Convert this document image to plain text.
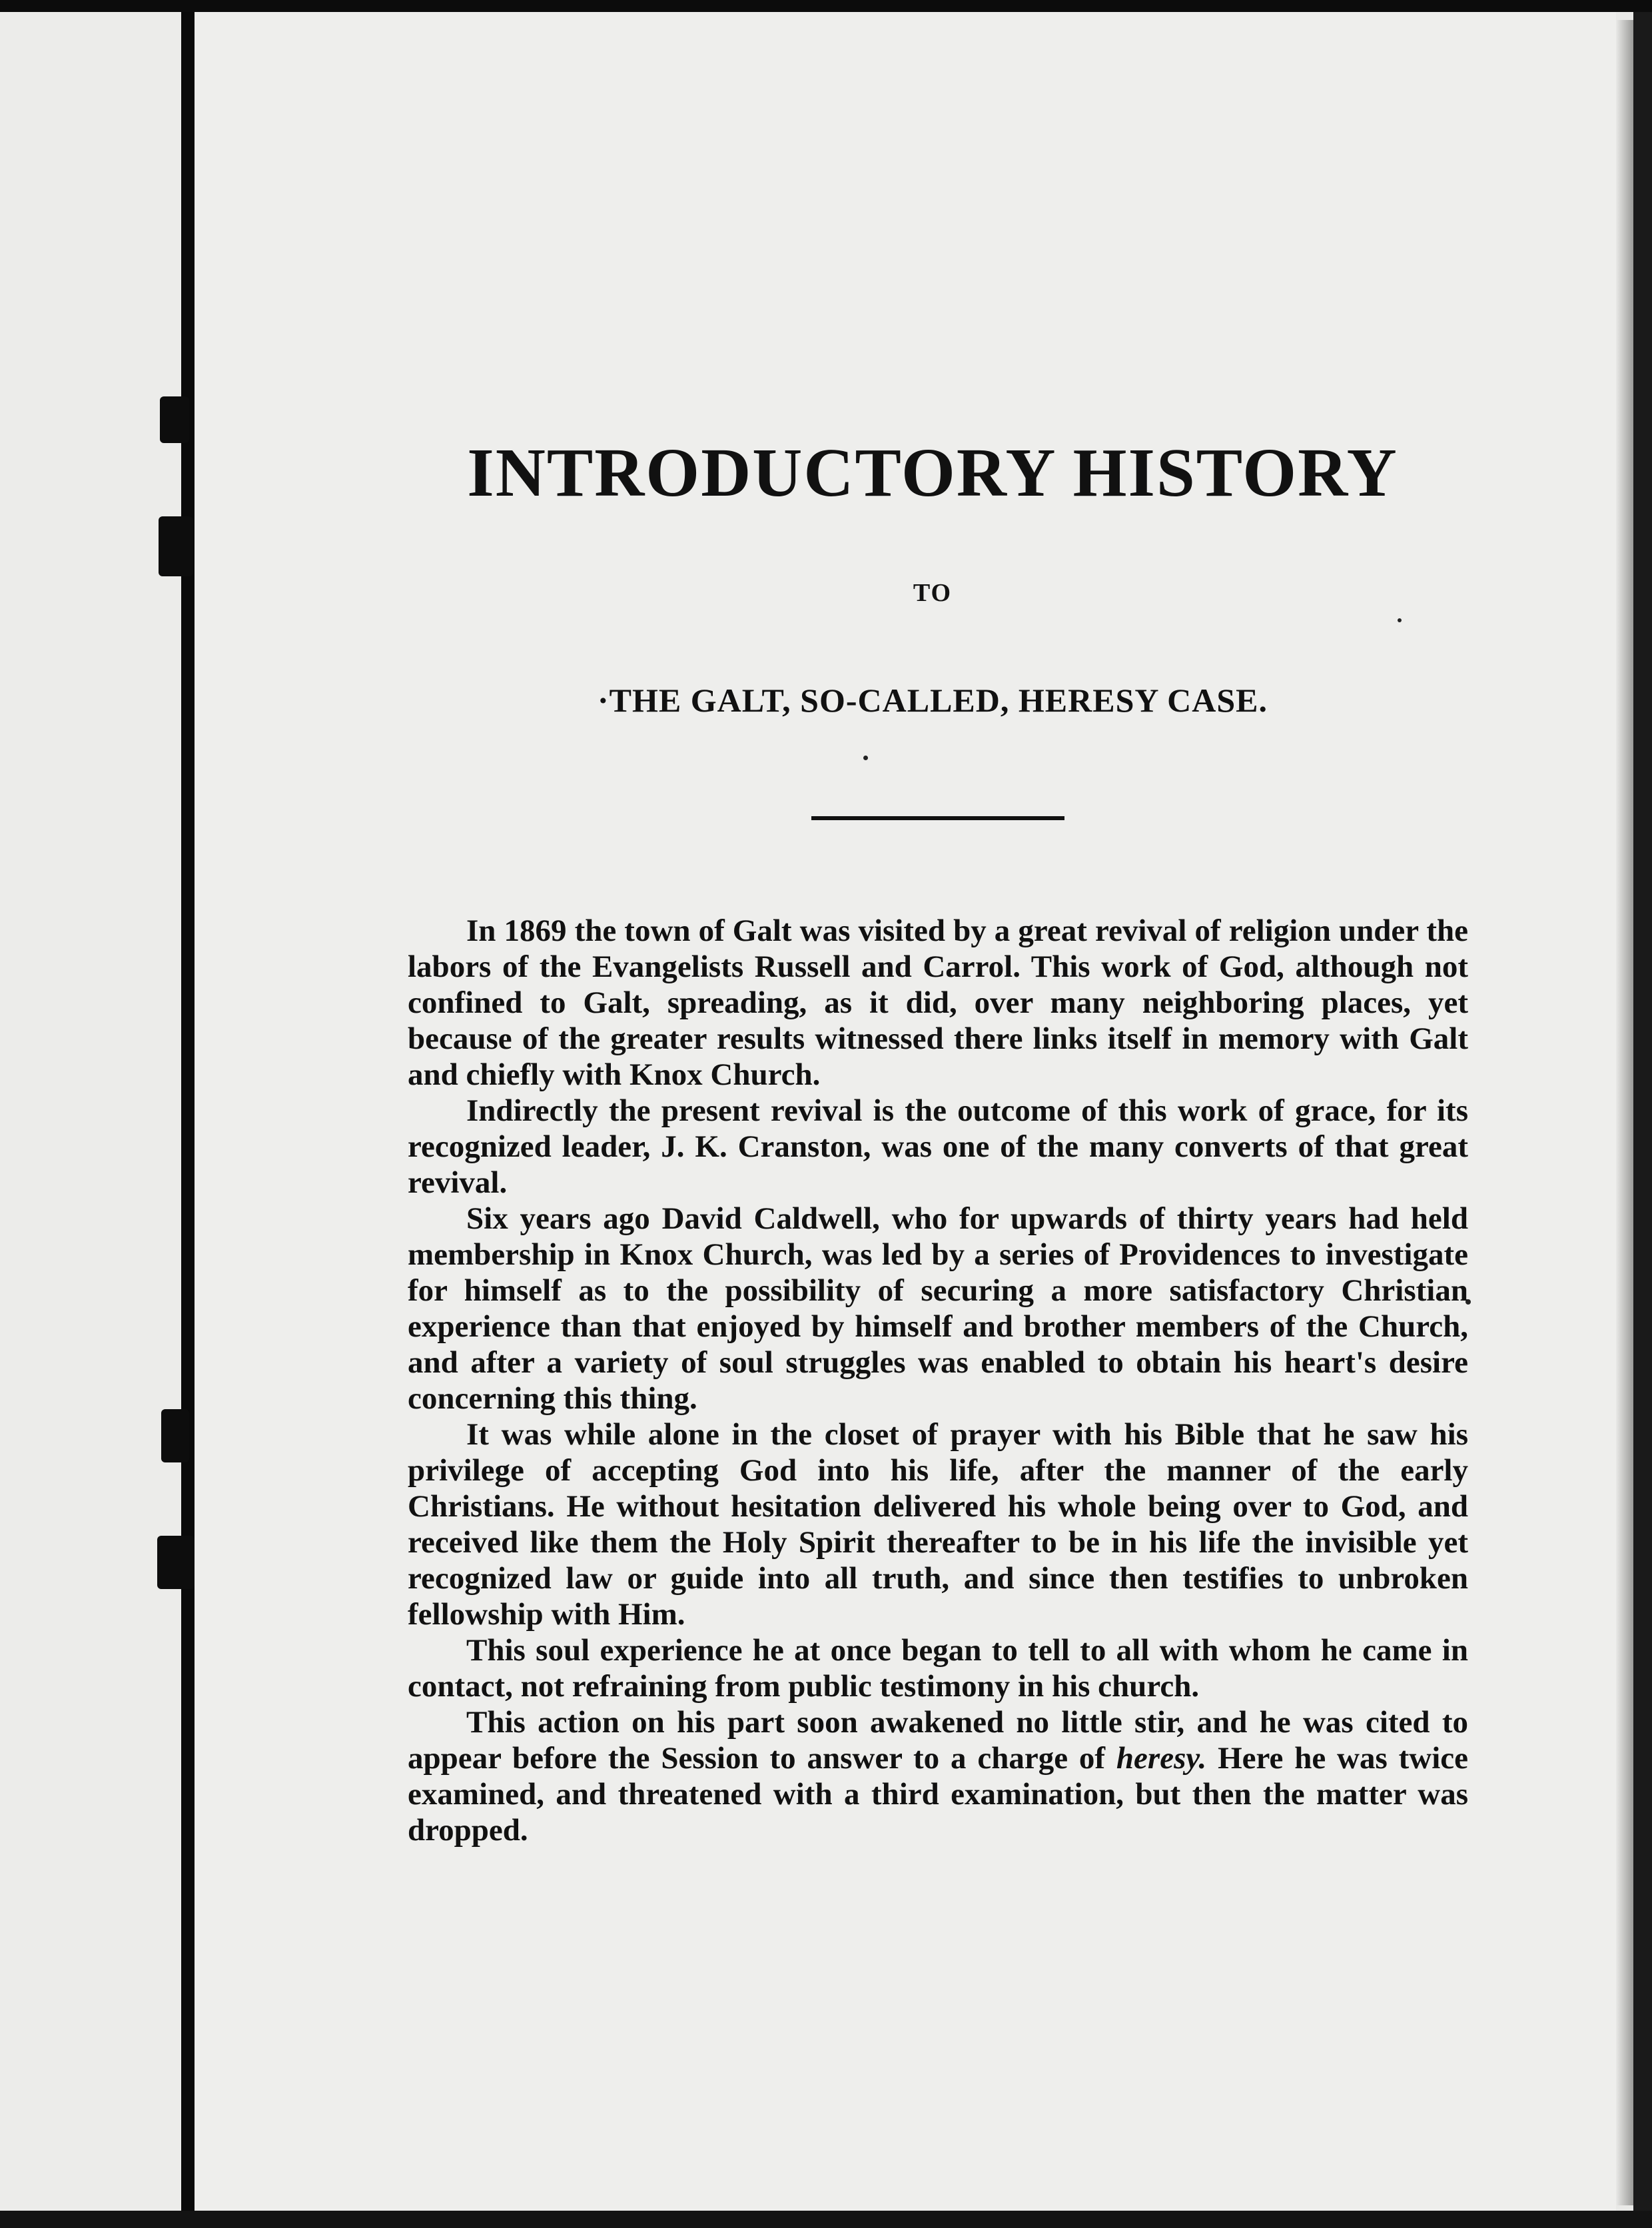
INTRODUCTORY HISTORY
TO
·THE GALT, SO-CALLED, HERESY CASE.

In 1869 the town of Galt was visited by a great revival of religion under the labors of the Evangelists Russell and Carrol. This work of God, although not confined to Galt, spreading, as it did, over many neighboring places, yet because of the greater results witnessed there links itself in memory with Galt and chiefly with Knox Church.

Indirectly the present revival is the outcome of this work of grace, for its recognized leader, J. K. Cranston, was one of the many converts of that great revival.

Six years ago David Caldwell, who for upwards of thirty years had held membership in Knox Church, was led by a series of Providences to investigate for himself as to the possibility of securing a more satisfactory Christian experience than that enjoyed by himself and brother members of the Church, and after a variety of soul struggles was enabled to obtain his heart's desire concerning this thing.

It was while alone in the closet of prayer with his Bible that he saw his privilege of accepting God into his life, after the manner of the early Christians. He without hesitation delivered his whole being over to God, and received like them the Holy Spirit thereafter to be in his life the invisible yet recognized law or guide into all truth, and since then testifies to unbroken fellowship with Him.

This soul experience he at once began to tell to all with whom he came in contact, not refraining from public testimony in his church.

This action on his part soon awakened no little stir, and he was cited to appear before the Session to answer to a charge of heresy. Here he was twice examined, and threatened with a third examination, but then the matter was dropped.
